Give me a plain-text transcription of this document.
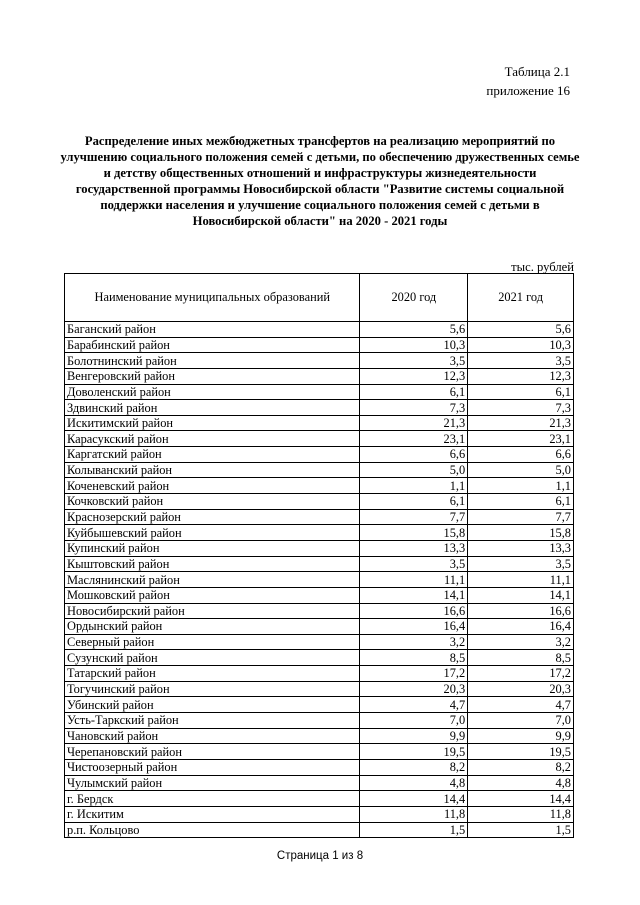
Таблица 2.1
приложение 16
Распределение иных межбюджетных трансфертов на реализацию мероприятий по улучшению социального положения семей с детьми, по обеспечению дружественных семье и детству общественных отношений и инфраструктуры жизнедеятельности государственной программы Новосибирской области "Развитие системы социальной поддержки населения и улучшение социального положения семей с детьми в Новосибирской области" на 2020 - 2021 годы
тыс. рублей
Наименование муниципальных образований	2020 год	2021 год
Баганский район	5,6	5,6
Барабинский район	10,3	10,3
Болотнинский район	3,5	3,5
Венгеровский район	12,3	12,3
Доволенский район	6,1	6,1
Здвинский район	7,3	7,3
Искитимский район	21,3	21,3
Карасукский район	23,1	23,1
Каргатский район	6,6	6,6
Колыванский район	5,0	5,0
Коченевский район	1,1	1,1
Кочковский район	6,1	6,1
Краснозерский район	7,7	7,7
Куйбышевский район	15,8	15,8
Купинский район	13,3	13,3
Кыштовский район	3,5	3,5
Маслянинский район	11,1	11,1
Мошковский район	14,1	14,1
Новосибирский район	16,6	16,6
Ордынский район	16,4	16,4
Северный район	3,2	3,2
Сузунский район	8,5	8,5
Татарский район	17,2	17,2
Тогучинский район	20,3	20,3
Убинский район	4,7	4,7
Усть-Таркский район	7,0	7,0
Чановский район	9,9	9,9
Черепановский район	19,5	19,5
Чистоозерный район	8,2	8,2
Чулымский район	4,8	4,8
г. Бердск	14,4	14,4
г. Искитим	11,8	11,8
р.п. Кольцово	1,5	1,5
Страница 1 из 8
